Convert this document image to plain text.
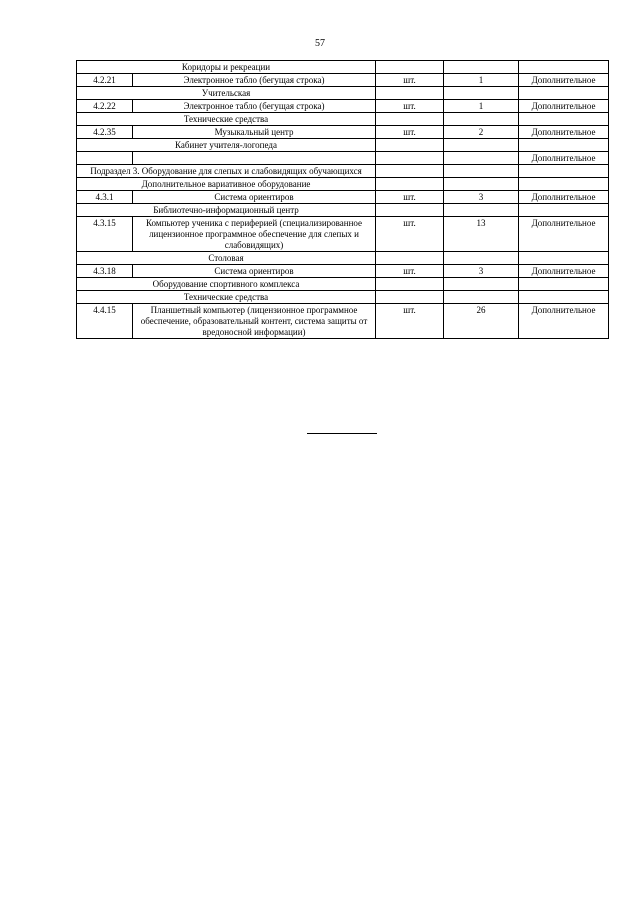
57
Коридоры и рекреации				
4.2.21	Электронное табло (бегущая строка)	шт.	1	Дополнительное
Учительская				
4.2.22	Электронное табло (бегущая строка)	шт.	1	Дополнительное
Технические средства				
4.2.35	Музыкальный центр	шт.	2	Дополнительное
Кабинет учителя-логопеда				
				Дополнительное
Подраздел 3. Оборудование для слепых и слабовидящих обучающихся				
Дополнительное вариативное оборудование				
4.3.1	Система ориентиров	шт.	3	Дополнительное
Библиотечно-информационный центр				
4.3.15	Компьютер ученика с периферией (специализированное лицензионное программное обеспечение для слепых и слабовидящих)	шт.	13	Дополнительное
Столовая				
4.3.18	Система ориентиров	шт.	3	Дополнительное
Оборудование спортивного комплекса				
Технические средства				
4.4.15	Планшетный компьютер (лицензионное программное обеспечение, образовательный контент, система защиты от вредоносной информации)	шт.	26	Дополнительное
